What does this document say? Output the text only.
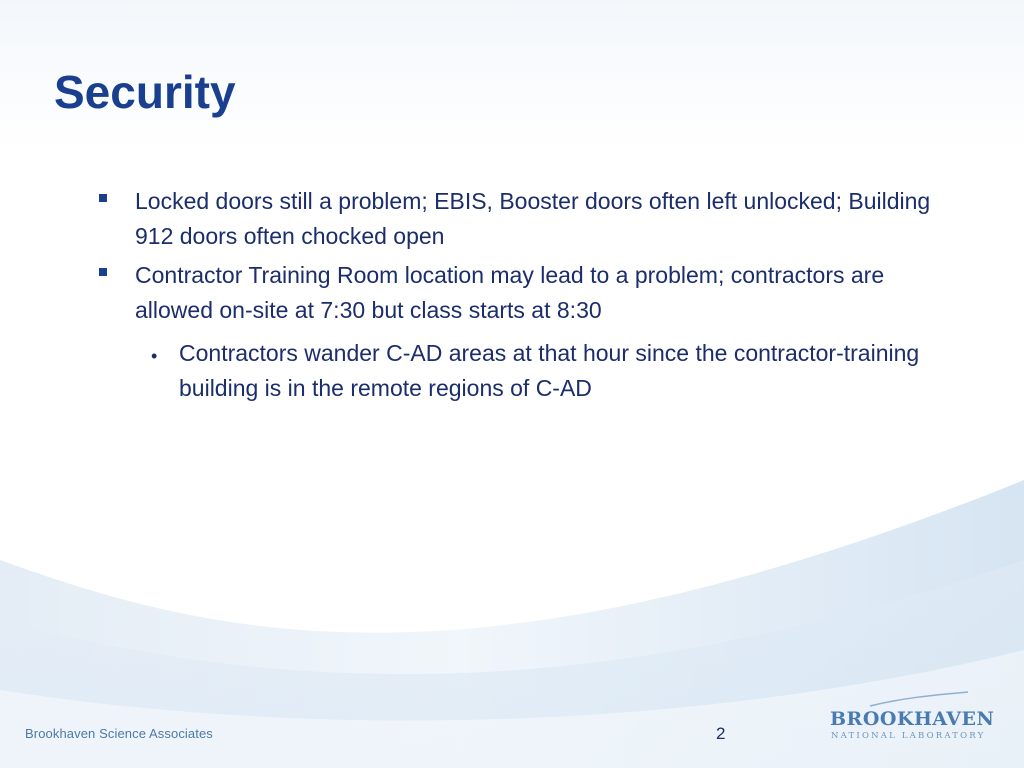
Security
•
Locked doors still a problem; EBIS, Booster doors often left unlocked; Building 912 doors often chocked open
Contractor Training Room location may lead to a problem; contractors are allowed on-site at 7:30 but class starts at 8:30
Contractors wander C-AD areas at that hour since the contractor-training building is in the remote regions of C-AD
Brookhaven Science Associates	2
BROOKHAVEN
NATIONAL LABORATORY
